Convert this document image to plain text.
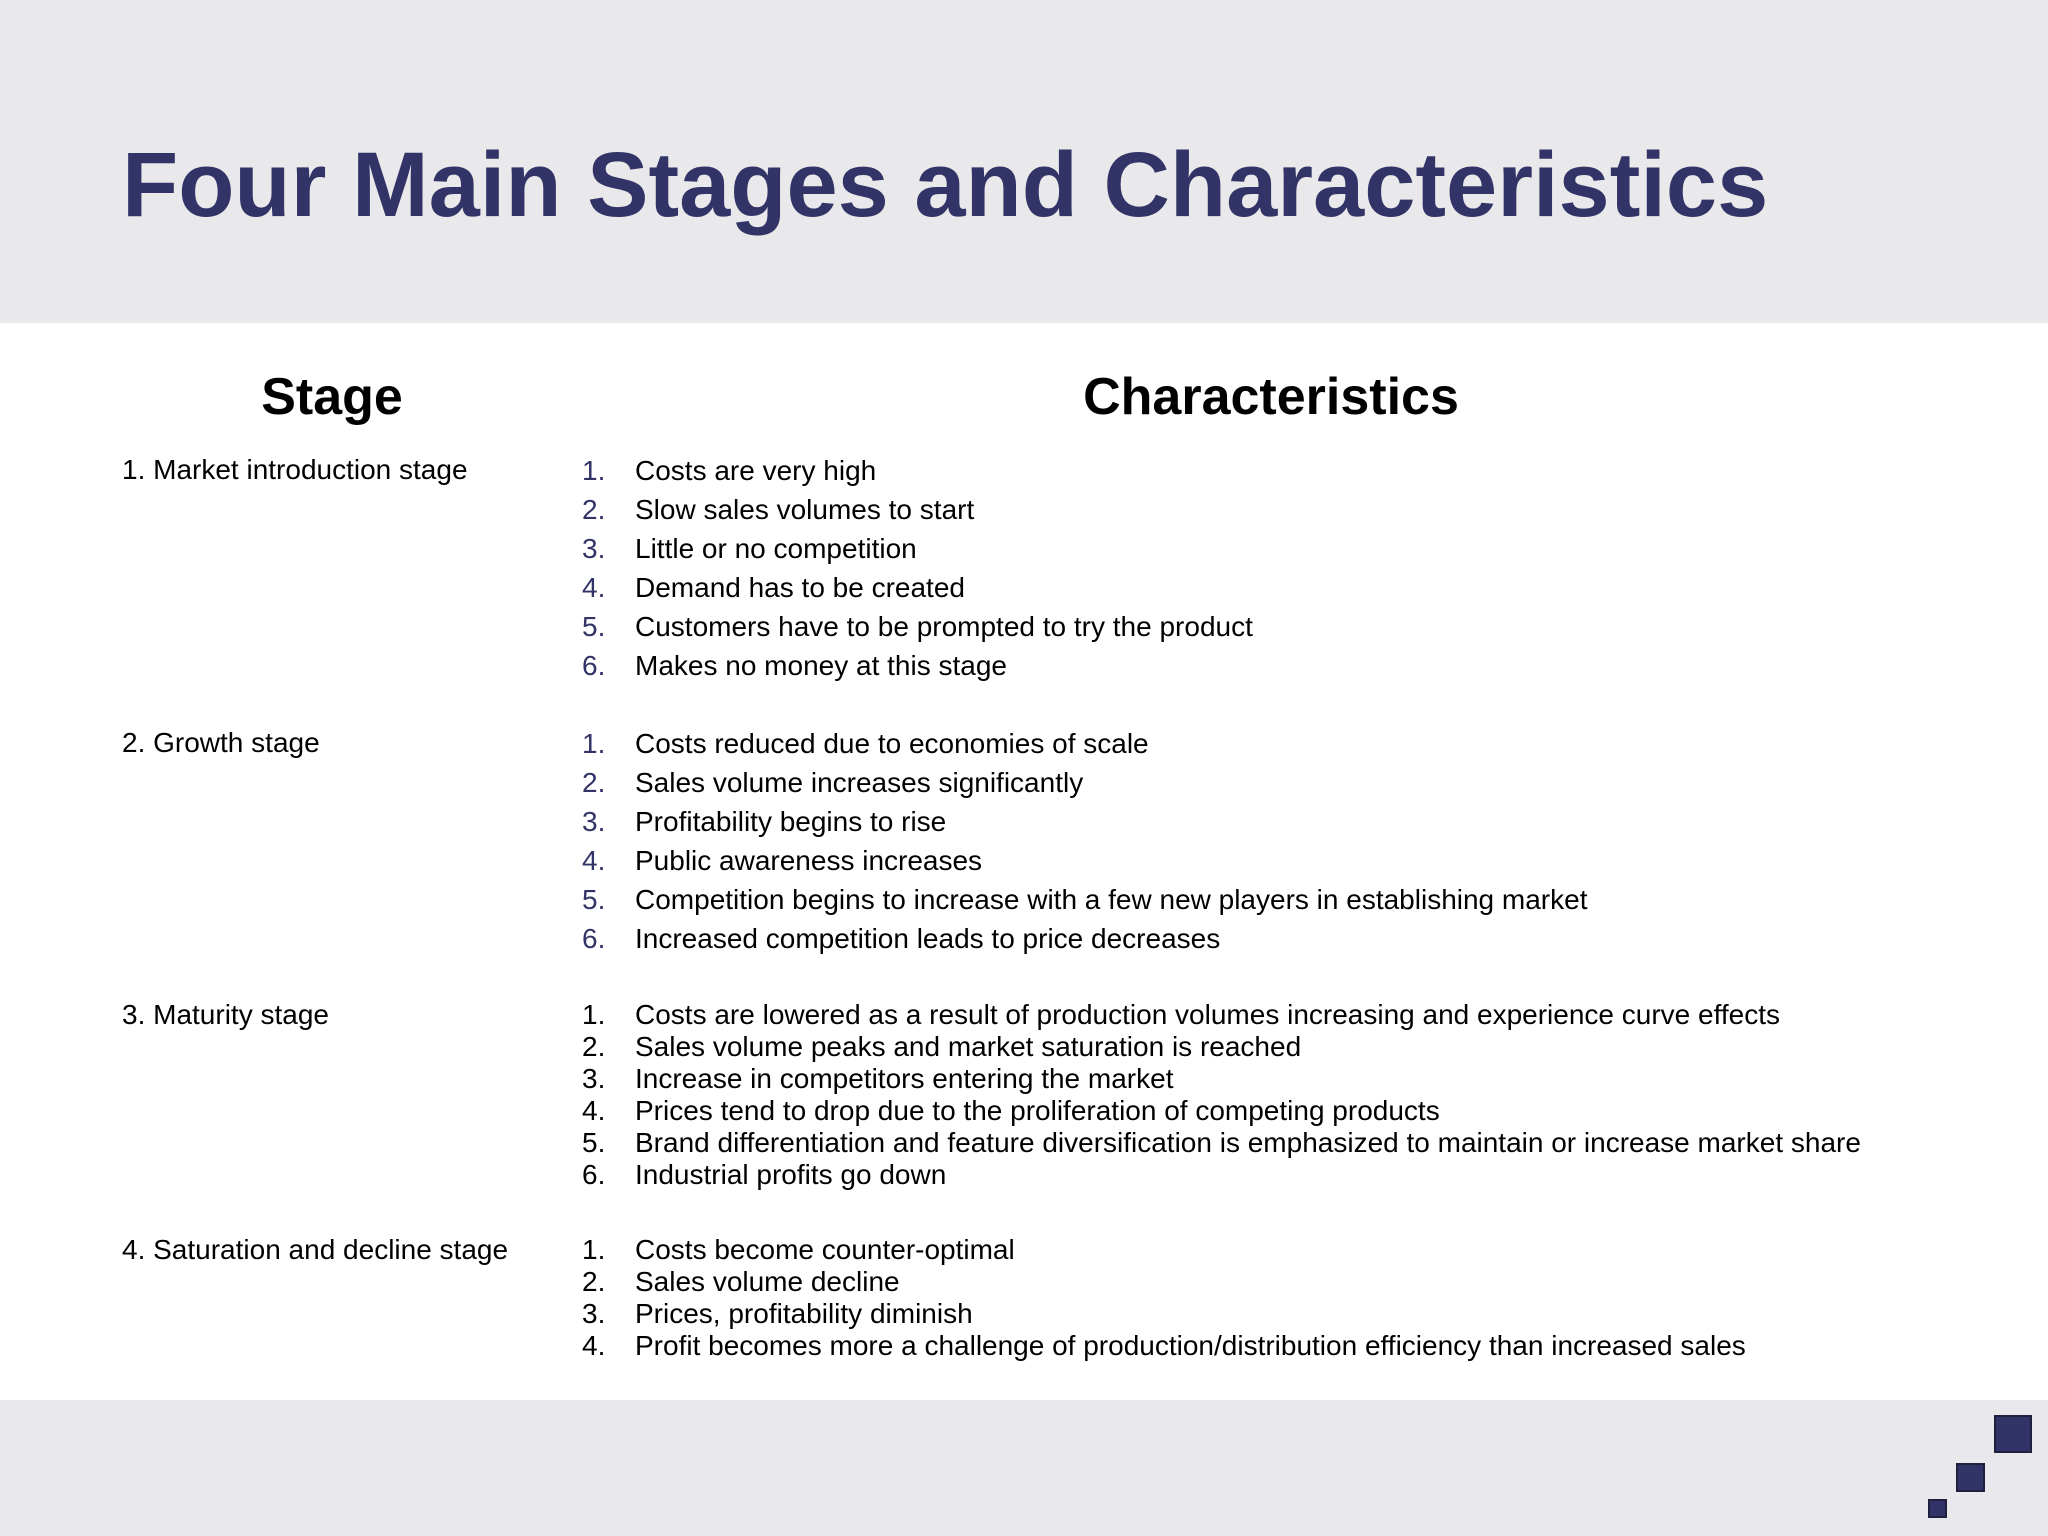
Four Main Stages and Characteristics
Stage	Characteristics
1. Market introduction stage	1. Costs are very high
2. Slow sales volumes to start
3. Little or no competition
4. Demand has to be created
5. Customers have to be prompted to try the product
6. Makes no money at this stage
2. Growth stage	1. Costs reduced due to economies of scale
2. Sales volume increases significantly
3. Profitability begins to rise
4. Public awareness increases
5. Competition begins to increase with a few new players in establishing market
6. Increased competition leads to price decreases
3. Maturity stage	1. Costs are lowered as a result of production volumes increasing and experience curve effects
2. Sales volume peaks and market saturation is reached
3. Increase in competitors entering the market
4. Prices tend to drop due to the proliferation of competing products
5. Brand differentiation and feature diversification is emphasized to maintain or increase market share
6. Industrial profits go down
4. Saturation and decline stage	1. Costs become counter-optimal
2. Sales volume decline
3. Prices, profitability diminish
4. Profit becomes more a challenge of production/distribution efficiency than increased sales
